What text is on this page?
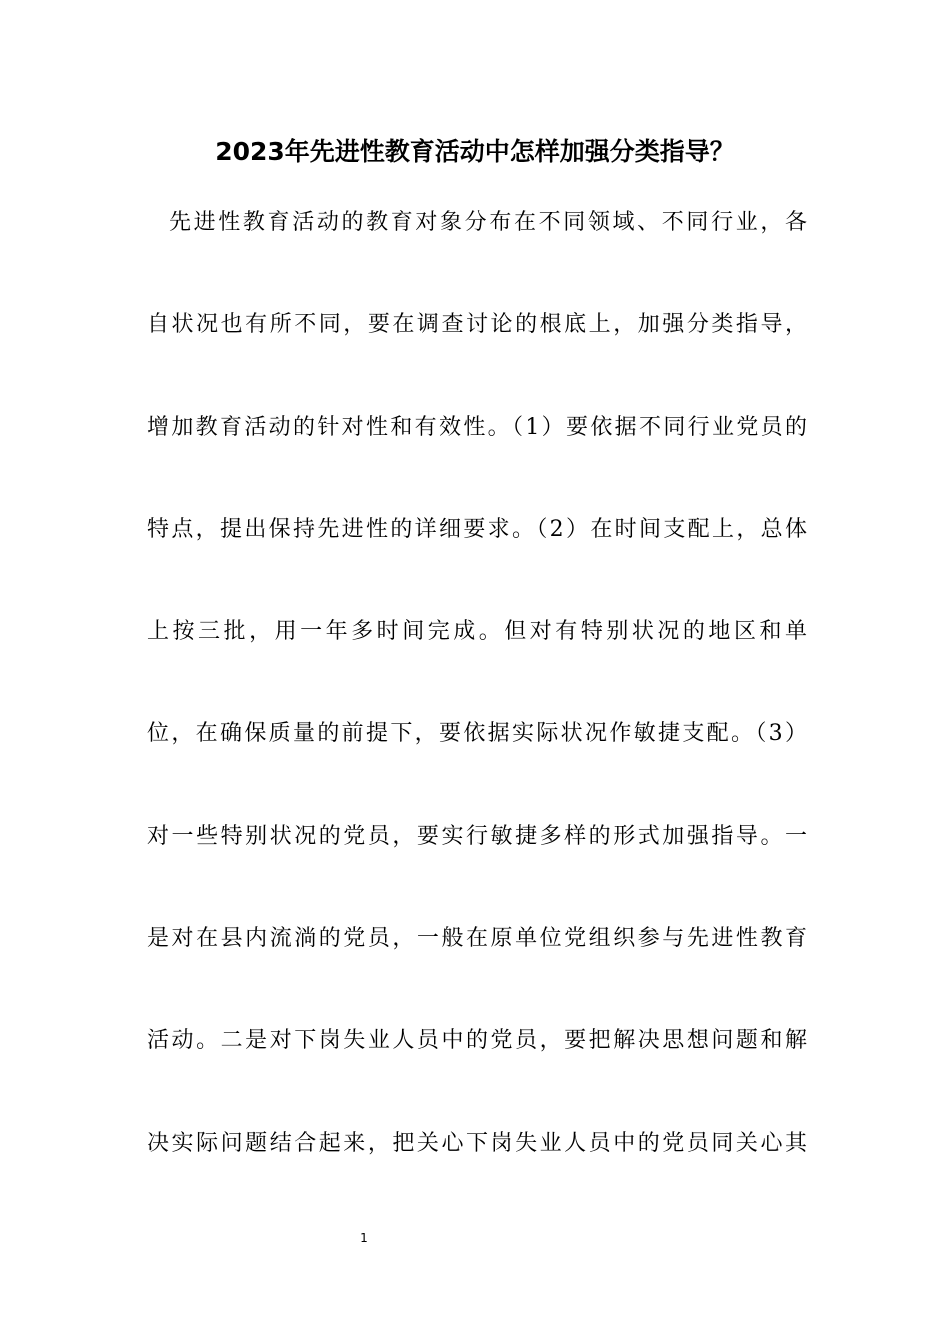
2023年先进性教育活动中怎样加强分类指导？
先进性教育活动的教育对象分布在不同领域、不同行业，各
自状况也有所不同，要在调查讨论的根底上，加强分类指导，
增加教育活动的针对性和有效性。（1）要依据不同行业党员的
特点，提出保持先进性的详细要求。（2）在时间支配上，总体
上按三批，用一年多时间完成。但对有特别状况的地区和单
位，在确保质量的前提下，要依据实际状况作敏捷支配。（3）
对一些特别状况的党员，要实行敏捷多样的形式加强指导。一
是对在县内流淌的党员，一般在原单位党组织参与先进性教育
活动。二是对下岗失业人员中的党员，要把解决思想问题和解
决实际问题结合起来，把关心下岗失业人员中的党员同关心其
1
